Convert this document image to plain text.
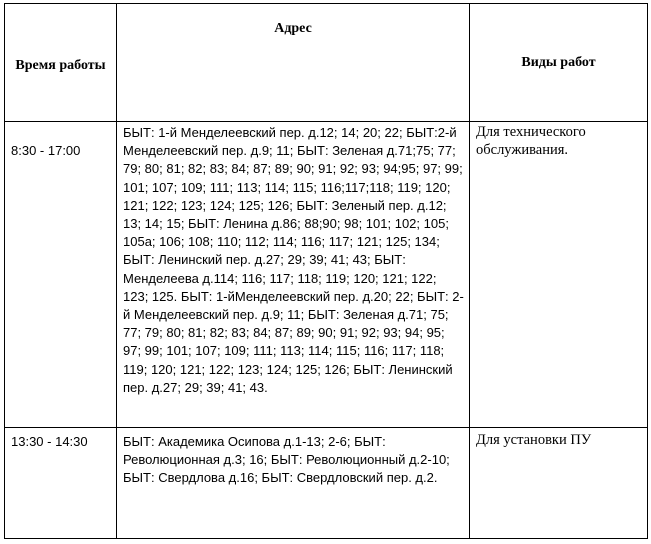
Время работы	Адрес	Виды работ

8:30 - 17:00	БЫТ: 1-й Менделеевский пер. д.12; 14; 20; 22; БЫТ:2-й Менделеевский пер. д.9; 11; БЫТ: Зеленая д.71;75; 77; 79; 80; 81; 82; 83; 84; 87; 89; 90; 91; 92; 93; 94;95; 97; 99; 101; 107; 109; 111; 113; 114; 115; 116;117;118; 119; 120; 121; 122; 123; 124; 125; 126; БЫТ: Зеленый пер. д.12; 13; 14; 15; БЫТ: Ленина д.86; 88;90; 98; 101; 102; 105; 105а; 106; 108; 110; 112; 114; 116; 117; 121; 125; 134; БЫТ: Ленинский пер. д.27; 29; 39; 41; 43; БЫТ: Менделеева д.114; 116; 117; 118; 119; 120; 121; 122; 123; 125. БЫТ: 1-йМенделеевский пер. д.20; 22; БЫТ: 2-й Менделеевский пер. д.9; 11; БЫТ: Зеленая д.71; 75; 77; 79; 80; 81; 82; 83; 84; 87; 89; 90; 91; 92; 93; 94; 95; 97; 99; 101; 107; 109; 111; 113; 114; 115; 116; 117; 118; 119; 120; 121; 122; 123; 124; 125; 126; БЫТ: Ленинский пер. д.27; 29; 39; 41; 43.	Для технического обслуживания.
13:30 - 14:30	БЫТ: Академика Осипова д.1-13; 2-6; БЫТ: Революционная д.3; 16; БЫТ: Революционный д.2-10; БЫТ: Свердлова д.16; БЫТ: Свердловский пер. д.2.	Для установки ПУ
